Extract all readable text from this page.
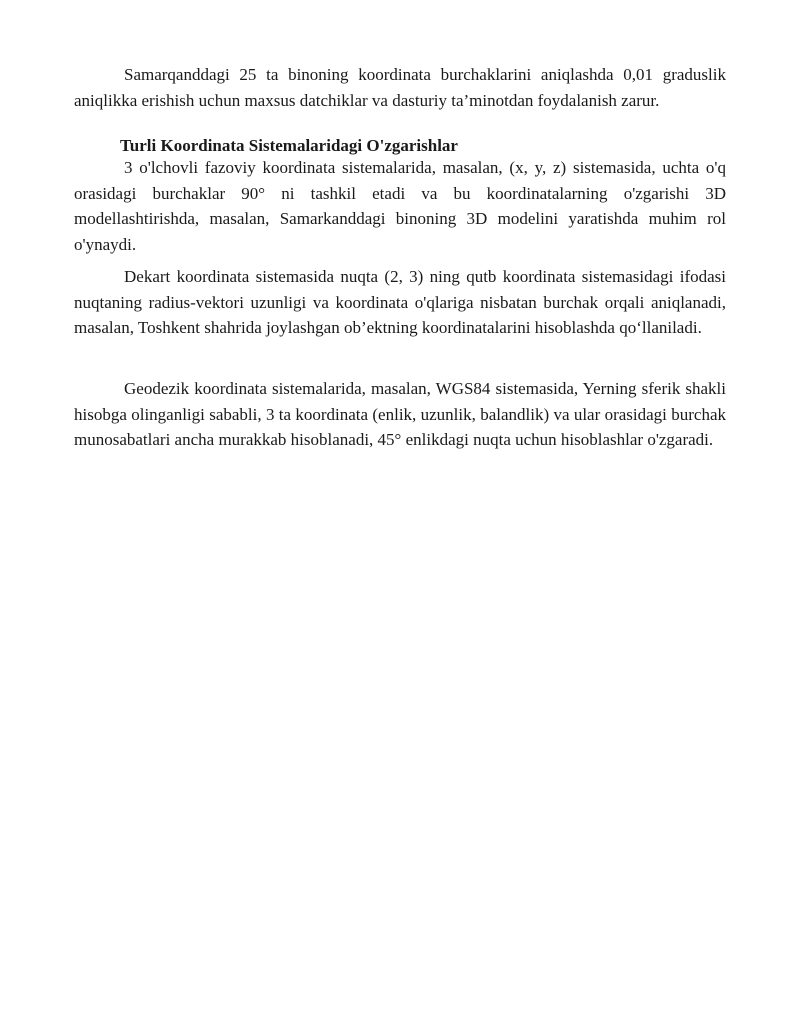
Samarqanddagi 25 ta binoning koordinata burchaklarini aniqlashda 0,01 graduslik aniqlikka erishish uchun maxsus datchiklar va dasturiy ta’minotdan foydalanish zarur.

Turli Koordinata Sistemalaridagi O'zgarishlar

3 o'lchovli fazoviy koordinata sistemalarida, masalan, (x, y, z) sistemasida, uchta o'q orasidagi burchaklar 90° ni tashkil etadi va bu koordinatalarning o'zgarishi 3D modellashtirishda, masalan, Samarkanddagi binoning 3D modelini yaratishda muhim rol o'ynaydi.

Dekart koordinata sistemasida nuqta (2, 3) ning qutb koordinata sistemasidagi ifodasi nuqtaning radius-vektori uzunligi va koordinata o'qlariga nisbatan burchak orqali aniqlanadi, masalan, Toshkent shahrida joylashgan ob’ektning koordinatalarini hisoblashda qo‘llaniladi.

Geodezik koordinata sistemalarida, masalan, WGS84 sistemasida, Yerning sferik shakli hisobga olinganligi sababli, 3 ta koordinata (enlik, uzunlik, balandlik) va ular orasidagi burchak munosabatlari ancha murakkab hisoblanadi, 45° enlikdagi nuqta uchun hisoblashlar o'zgaradi.
